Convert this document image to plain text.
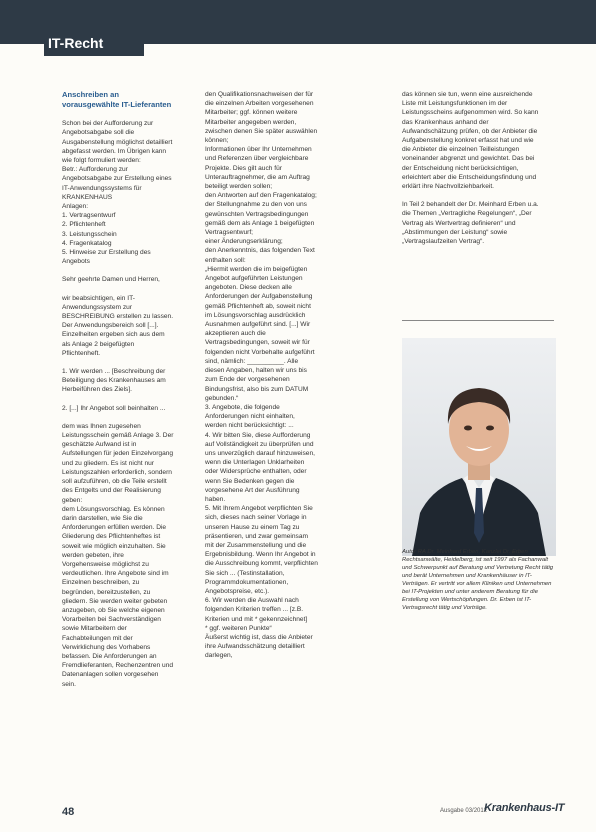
IT-Recht
Anschreiben an vorausgewählte IT-Lieferanten

Schon bei der Aufforderung zur Angebotsabgabe soll die Ausgabenstellung möglichst detailliert abgefasst werden. Im Übrigen kann wie folgt formuliert werden:

Betr.: Aufforderung zur Angebotsabgabe zur Erstellung eines IT-Anwendungssystems für KRANKENHAUS

Anlagen:

1. Vertragsentwurf

2. Pflichtenheft

3. Leistungsschein

4. Fragenkatalog

5. Hinweise zur Erstellung des Angebots

Sehr geehrte Damen und Herren,

wir beabsichtigen, ein IT-Anwendungssystem zur BESCHREIBUNG erstellen zu lassen. Der Anwendungsbereich soll [...]. Einzelheiten ergeben sich aus dem als Anlage 2 beigefügten Pflichtenheft.

1. Wir werden ... [Beschreibung der Beteiligung des Krankenhauses am Herbeiführen des Ziels].

2. [...] Ihr Angebot soll beinhalten ...

dem was Ihnen zugesehen Leistungsschein gemäß Anlage 3. Der geschätzte Aufwand ist in Aufstellungen für jeden Einzelvorgang und zu gliedern. Es ist nicht nur Leistungszahlen erforderlich, sondern soll aufzuführen, ob die Teile erstellt des Entgelts und der Realisierung geben:

dem Lösungsvorschlag. Es können darin darstellen, wie Sie die Anforderungen erfüllen werden. Die Gliederung des Pflichtenheftes ist soweit wie möglich einzuhalten. Sie werden gebeten, ihre Vorgehensweise möglichst zu verdeutlichen. Ihre Angebote sind im Einzelnen beschreiben, zu begründen, bereitzustellen, zu gliedern. Sie werden weiter gebeten anzugeben, ob Sie welche eigenen Vorarbeiten bei Sachverständigen sowie Mitarbeitern der Fachabteilungen mit der Verwirklichung des Vorhabens befassen. Die Anforderungen an Fremdlieferanten, Rechenzentren und Datenanlagen sollen vorgesehen sein.

den Qualifikationsnachweisen der für die einzelnen Arbeiten vorgesehenen Mitarbeiter; ggf. können weitere Mitarbeiter angegeben werden, zwischen denen Sie später auswählen können;

Informationen über Ihr Unternehmen und Referenzen über vergleichbare Projekte. Dies gilt auch für Unterauftragnehmer, die am Auftrag beteiligt werden sollen;

den Antworten auf den Fragenkatalog;

der Stellungnahme zu den von uns gewünschten Vertragsbedingungen gemäß dem als Anlage 1 beigefügten Vertragsentwurf;

einer Änderungserklärung;

den Anerkenntnis, das folgenden Text enthalten soll:

„Hiermit werden die im beigefügten Angebot aufgeführten Leistungen angeboten. Diese decken alle Anforderungen der Aufgabenstellung gemäß Pflichtenheft ab, soweit nicht im Lösungsvorschlag ausdrücklich Ausnahmen aufgeführt sind. [...] Wir akzeptieren auch die Vertragsbedingungen, soweit wir für folgenden nicht Vorbehalte aufgeführt sind, nämlich: __________. Alle diesen Angaben, halten wir uns bis zum Ende der vorgesehenen Bindungsfrist, also bis zum DATUM gebunden.“

3. Angebote, die folgende Anforderungen nicht einhalten, werden nicht berücksichtigt: ...

4. Wir bitten Sie, diese Aufforderung auf Vollständigkeit zu überprüfen und uns unverzüglich darauf hinzuweisen, wenn die Unterlagen Unklarheiten oder Widersprüche enthalten, oder wenn Sie Bedenken gegen die vorgesehene Art der Ausführung haben.

5. Mit Ihrem Angebot verpflichten Sie sich, dieses nach seiner Vorlage in unseren Hause zu einem Tag zu präsentieren, und zwar gemeinsam mit der Zusammenstellung und die Ergebnisbildung. Wenn Ihr Angebot in die Ausschreibung kommt, verpflichten Sie sich ... (Testinstallation, Programmdokumentationen, Angebotspreise, etc.).

6. Wir werden die Auswahl nach folgenden Kriterien treffen ... [z.B. Kriterien und mit * gekennzeichnet]

* ggf. weiteren Punkte“

Äußerst wichtig ist, dass die Anbieter ihre Aufwandsschätzung detailliert darlegen,

das können sie tun, wenn eine ausreichende Liste mit Leistungsfunktionen im der Leistungsscheins aufgenommen wird. So kann das Krankenhaus anhand der Aufwandschätzung prüfen, ob der Anbieter die Aufgabenstellung konkret erfasst hat und wie die Anbieter die einzelnen Teilleistungen voneinander abgrenzt und gewichtet. Das bei der Entscheidung nicht berücksichtigen, erleichtert aber die Entscheidungsfindung und erklärt ihre Nachvollziehbarkeit.

In Teil 2 behandelt der Dr. Meinhard Erben u.a. die Themen „Vertragliche Regelungen“, „Der Vertrag als Wertvertrag definieren“ und „Abstimmungen der Leistung“ sowie „Vertragslaufzeiten Vertrag“.

Autor RA Dr. Meinhard Erben, Kanzlei Dr. Erben Rechtsanwälte, Heidelberg, ist seit 1997 als Fachanwalt und Schwerpunkt auf Beratung und Vertretung Recht tätig und berät Unternehmen und Krankenhäuser in IT-Verträgen. Er vertritt vor allem Kliniken und Unternehmen bei IT-Projekten und unter anderem Beratung für die Erstellung von Wertschöpfungen. Dr. Erben ist IT-Vertragsrecht tätig und Vorträge.
48	Ausgabe 03/2012
Krankenhaus-IT
